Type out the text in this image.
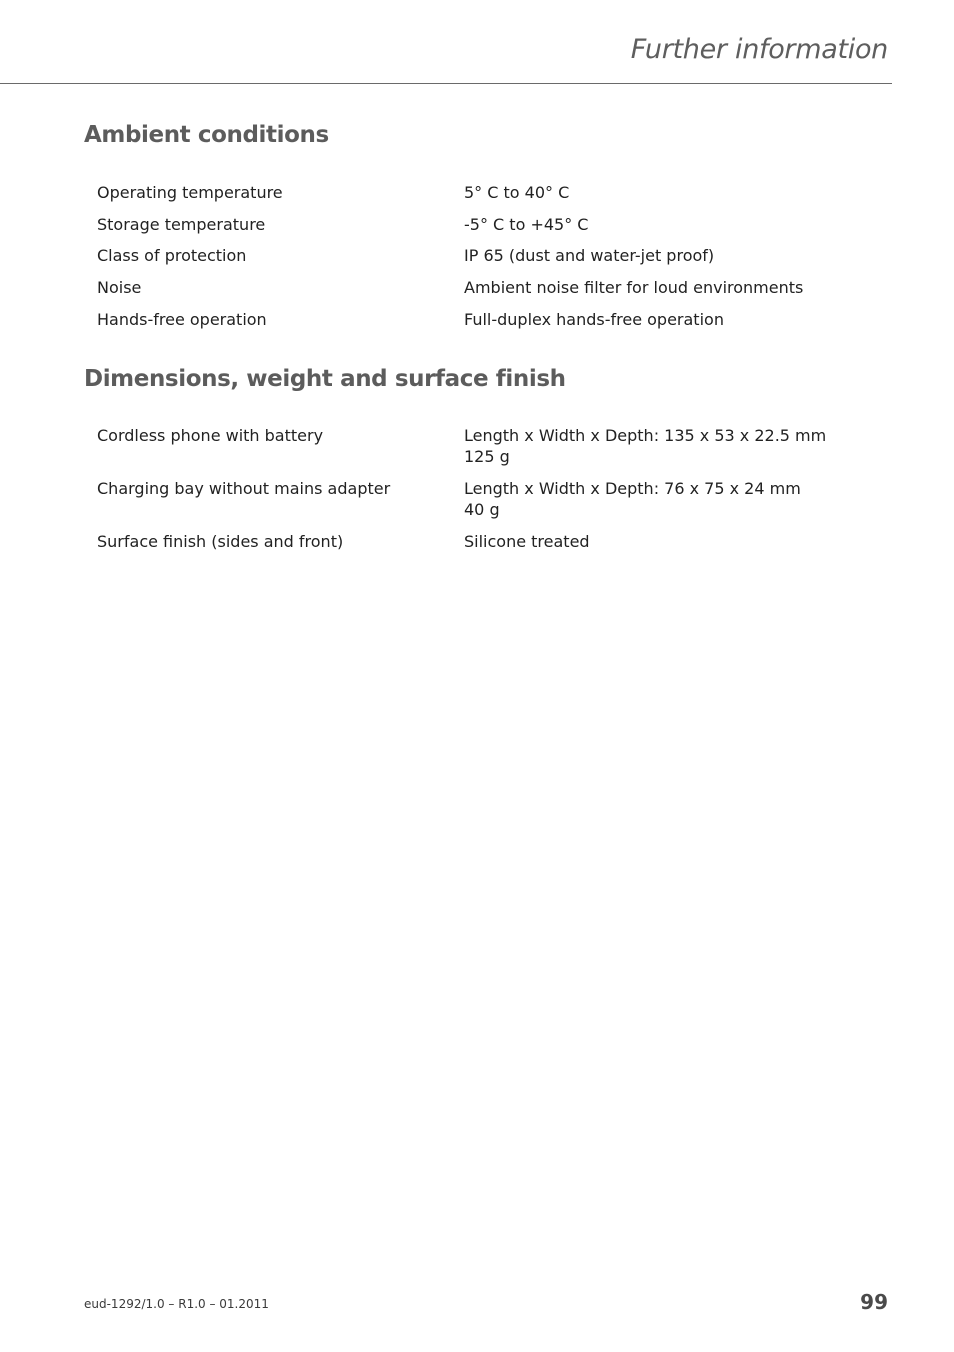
Further information
Ambient conditions
Operating temperature	5° C to 40° C
Storage temperature	-5° C to +45° C
Class of protection	IP 65 (dust and water-jet proof)
Noise	Ambient noise filter for loud environments
Hands-free operation	Full-duplex hands-free operation
Dimensions, weight and surface finish
Cordless phone with battery	Length x Width x Depth: 135 x 53 x 22.5 mm
125 g
Charging bay without mains adapter	Length x Width x Depth: 76 x 75 x 24 mm
40 g
Surface finish (sides and front)	Silicone treated
eud-1292/1.0 – R1.0 – 01.2011	99
